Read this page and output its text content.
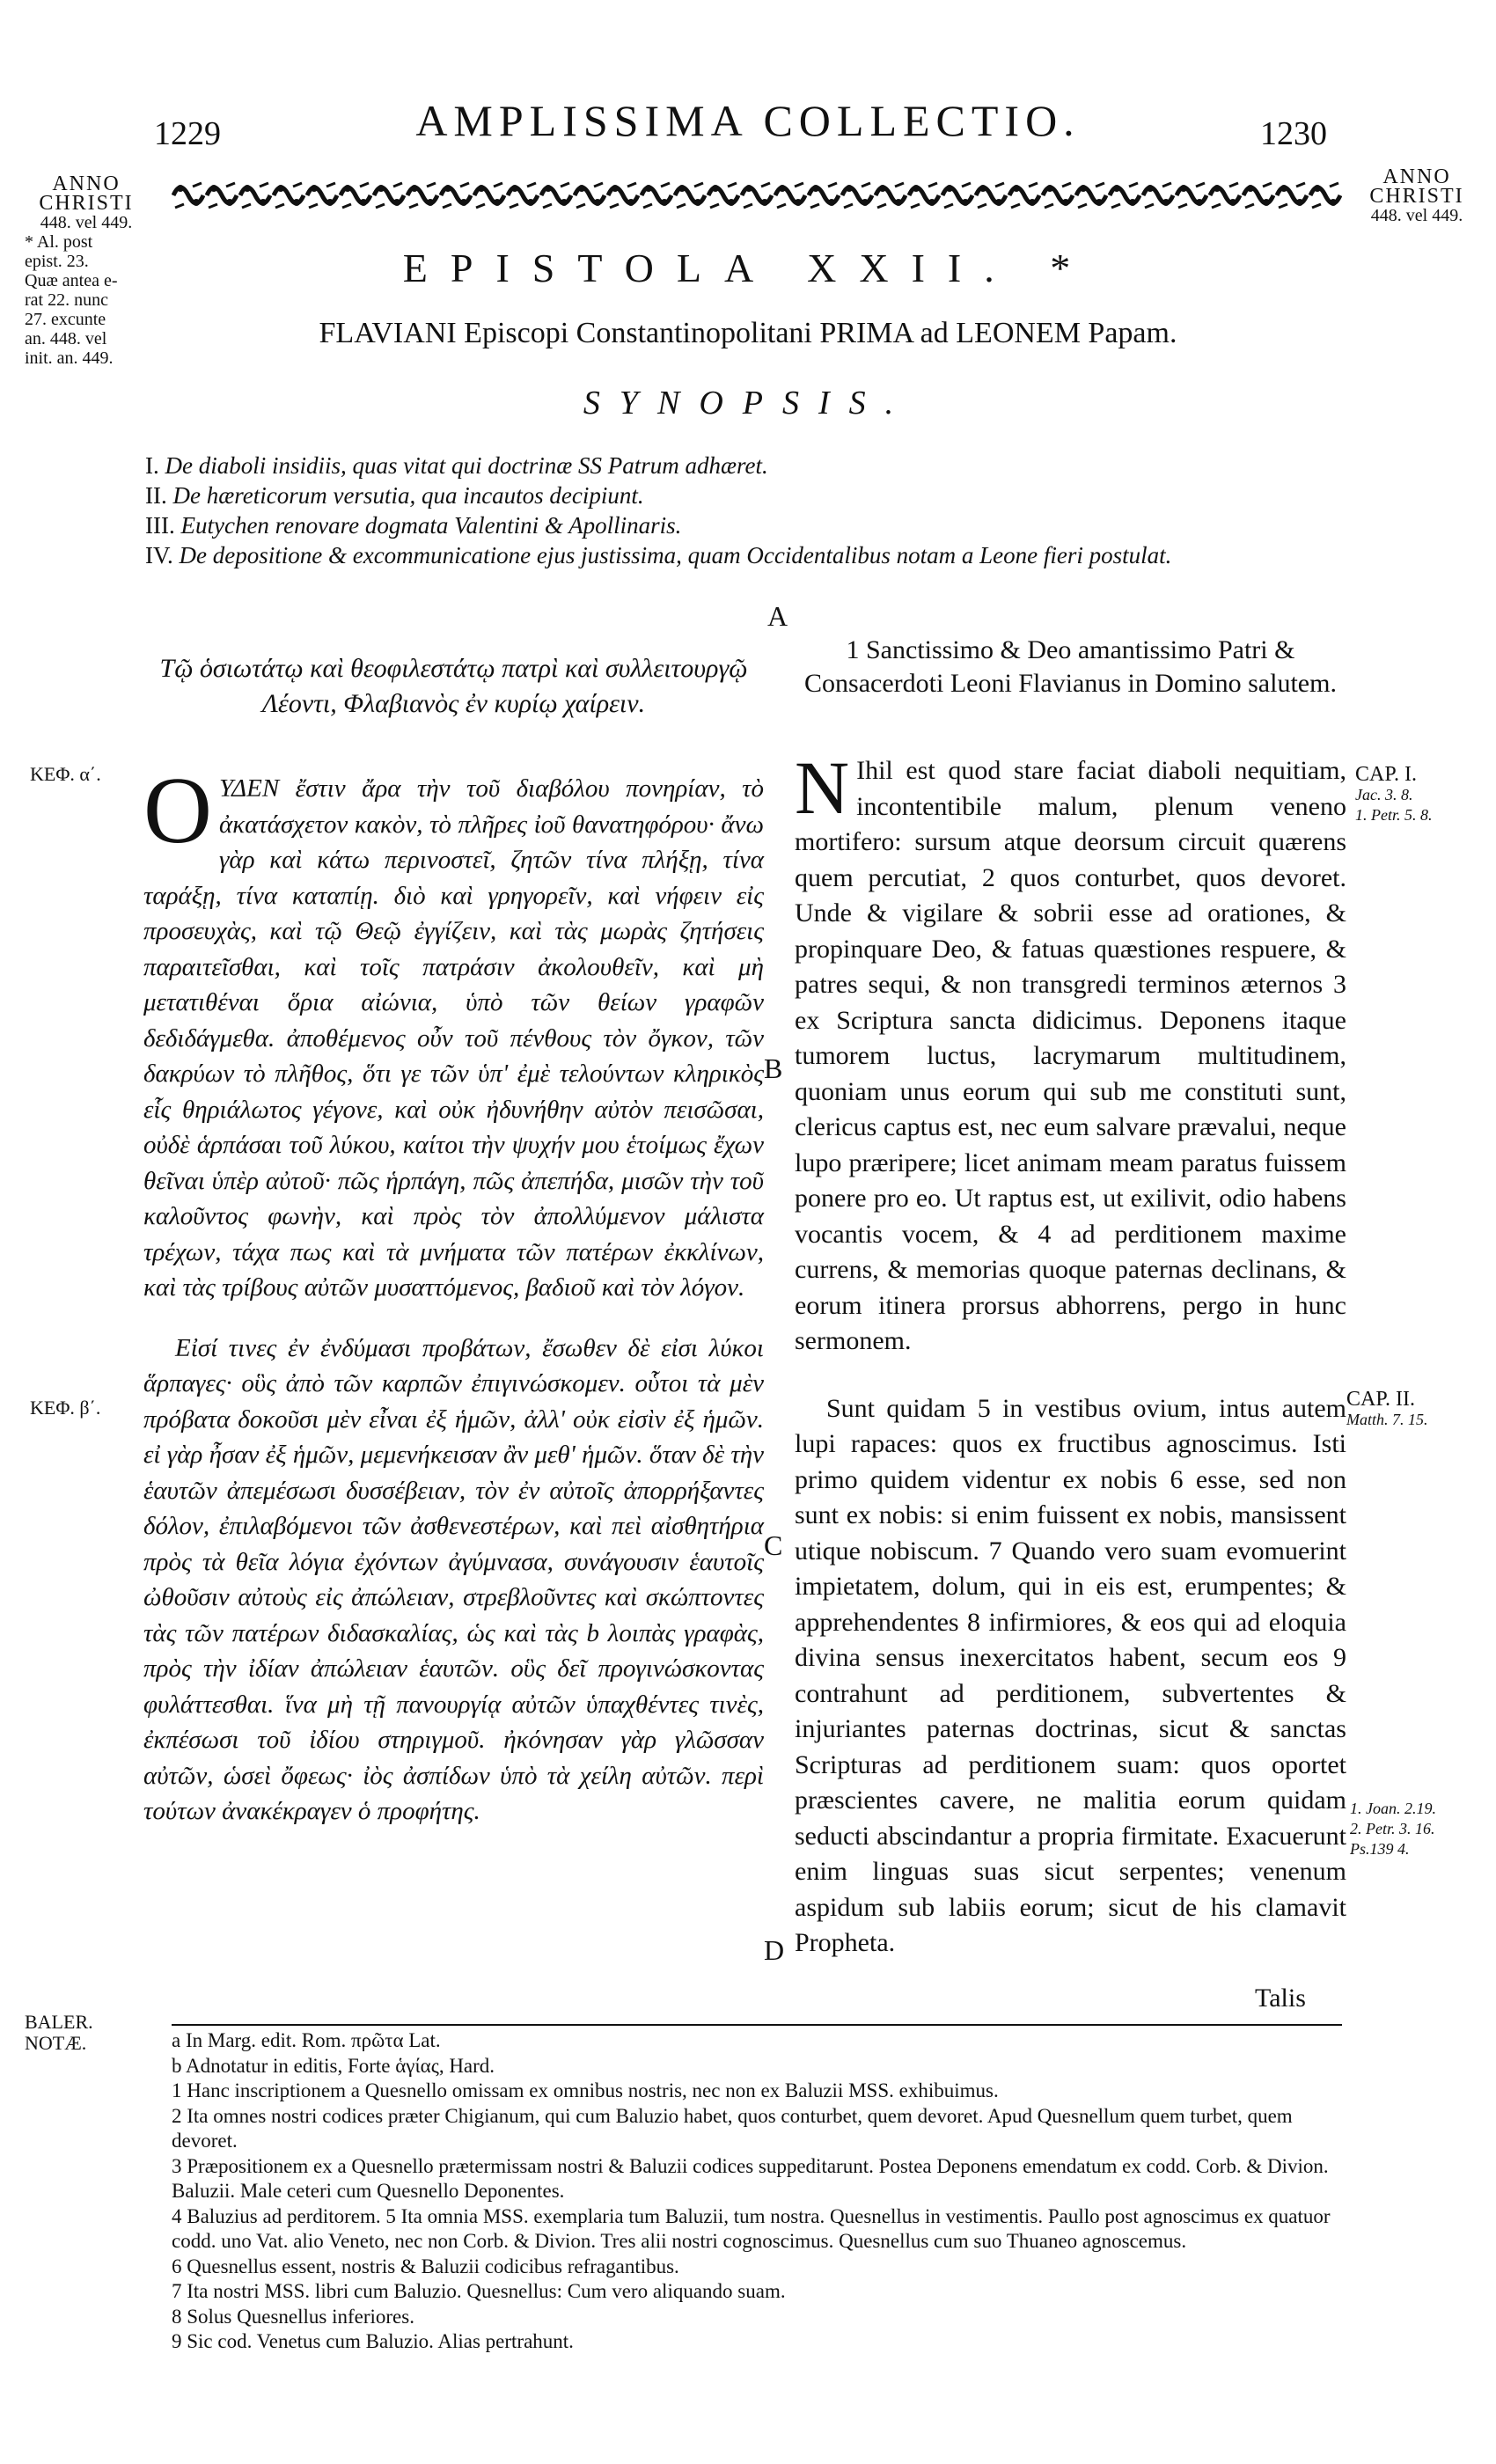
1229	AMPLISSIMA COLLECTIO.	1230
ANNO
CHRISTI
448. vel 449.
* Al. post
epist. 23.
Quæ antea e-
rat 22. nunc
27. excunte
an. 448. vel
init. an. 449.
ANNO
CHRISTI
448. vel 449.
EPISTOLA XXII. *
FLAVIANI Episcopi Constantinopolitani PRIMA ad LEONEM Papam.
SYNOPSIS.
I. De diaboli insidiis, quas vitat qui doctrinæ SS Patrum adhæret.
II. De hæreticorum versutia, qua incautos decipiunt.
III. Eutychen renovare dogmata Valentini & Apollinaris.
IV. De depositione & excommunicatione ejus justissima, quam Occidentalibus notam a Leone fieri postulat.
A
B
C
D
Τῷ ὁσιωτάτῳ καὶ θεοφιλεστάτῳ πατρὶ καὶ συλλειτουργῷ Λέοντι, Φλαβιανὸς ἐν κυρίῳ χαίρειν.
1 Sanctissimo & Deo amantissimo Patri & Consacerdoti Leoni Flavianus in Domino salutem.
ΚΕΦ. α΄.
ΚΕΦ. β΄.
CAP. I.
Jac. 3. 8.
1. Petr. 5. 8.
CAP. II.
Matth. 7. 15.
1. Joan. 2.19.
2. Petr. 3. 16.
Ps.139 4.

ΟΥΔΕΝ ἔστιν ἄρα τὴν τοῦ διαβόλου πονηρίαν, τὸ ἀκατάσχετον κακὸν, τὸ πλῆρες ἰοῦ θανατηφόρου· ἄνω γὰρ καὶ κάτω περινοστεῖ, ζητῶν τίνα πλήξῃ, τίνα ταράξῃ, τίνα καταπίῃ. διὸ καὶ γρηγορεῖν, καὶ νήφειν εἰς προσευχὰς, καὶ τῷ Θεῷ ἐγγίζειν, καὶ τὰς μωρὰς ζητήσεις παραιτεῖσθαι, καὶ τοῖς πατράσιν ἀκολουθεῖν, καὶ μὴ μετατιθέναι ὅρια αἰώνια, ὑπὸ τῶν θείων γραφῶν δεδιδάγμεθα. ἀποθέμενος οὖν τοῦ πένθους τὸν ὄγκον, τῶν δακρύων τὸ πλῆθος, ὅτι γε τῶν ὑπ' ἐμὲ τελούντων κληρικὸς εἷς θηριάλωτος γέγονε, καὶ οὐκ ἠδυνήθην αὐτὸν πεισῶσαι, οὐδὲ ἁρπάσαι τοῦ λύκου, καίτοι τὴν ψυχήν μου ἑτοίμως ἔχων θεῖναι ὑπὲρ αὐτοῦ· πῶς ἡρπάγη, πῶς ἀπεπήδα, μισῶν τὴν τοῦ καλοῦντος φωνὴν, καὶ πρὸς τὸν ἀπολλύμενον μάλιστα τρέχων, τάχα πως καὶ τὰ μνήματα τῶν πατέρων ἐκκλίνων, καὶ τὰς τρίβους αὐτῶν μυσαττόμενος, βαδιοῦ καὶ τὸν λόγον.

Εἰσί τινες ἐν ἐνδύμασι προβάτων, ἔσωθεν δὲ εἰσι λύκοι ἅρπαγες· οὓς ἀπὸ τῶν καρπῶν ἐπιγινώσκομεν. οὗτοι τὰ μὲν πρόβατα δοκοῦσι μὲν εἶναι ἐξ ἡμῶν, ἀλλ' οὐκ εἰσὶν ἐξ ἡμῶν. εἰ γὰρ ἦσαν ἐξ ἡμῶν, μεμενήκεισαν ἂν μεθ' ἡμῶν. ὅταν δὲ τὴν ἑαυτῶν ἀπεμέσωσι δυσσέβειαν, τὸν ἐν αὐτοῖς ἀπορρήξαντες δόλον, ἐπιλαβόμενοι τῶν ἀσθενεστέρων, καὶ πεὶ αἰσθητήρια πρὸς τὰ θεῖα λόγια ἐχόντων ἀγύμνασα, συνάγουσιν ἑαυτοῖς ὠθοῦσιν αὐτοὺς εἰς ἀπώλειαν, στρεβλοῦντες καὶ σκώπτοντες τὰς τῶν πατέρων διδασκαλίας, ὡς καὶ τὰς b λοιπὰς γραφὰς, πρὸς τὴν ἰδίαν ἀπώλειαν ἑαυτῶν. οὓς δεῖ προγινώσκοντας φυλάττεσθαι. ἵνα μὴ τῇ πανουργίᾳ αὐτῶν ὑπαχθέντες τινὲς, ἐκπέσωσι τοῦ ἰδίου στηριγμοῦ. ἠκόνησαν γὰρ γλῶσσαν αὐτῶν, ὡσεὶ ὄφεως· ἰὸς ἀσπίδων ὑπὸ τὰ χείλη αὐτῶν. περὶ τούτων ἀνακέκραγεν ὁ προφήτης.

N Ihil est quod stare faciat diaboli nequitiam, incontentibile malum, plenum veneno mortifero: sursum atque deorsum circuit quærens quem percutiat, 2 quos conturbet, quos devoret. Unde & vigilare & sobrii esse ad orationes, & propinquare Deo, & fatuas quæstiones respuere, & patres sequi, & non transgredi terminos æternos 3 ex Scriptura sancta didicimus. Deponens itaque tumorem luctus, lacrymarum multitudinem, quoniam unus eorum qui sub me constituti sunt, clericus captus est, nec eum salvare prævalui, neque lupo præripere; licet animam meam paratus fuissem ponere pro eo. Ut raptus est, ut exilivit, odio habens vocantis vocem, & 4 ad perditionem maxime currens, & memorias quoque paternas declinans, & eorum itinera prorsus abhorrens, pergo in hunc sermonem.

Sunt quidam 5 in vestibus ovium, intus autem lupi rapaces: quos ex fructibus agnoscimus. Isti primo quidem videntur ex nobis 6 esse, sed non sunt ex nobis: si enim fuissent ex nobis, mansissent utique nobiscum. 7 Quando vero suam evomuerint impietatem, dolum, qui in eis est, erumpentes; & apprehendentes 8 infirmiores, & eos qui ad eloquia divina sensus inexercitatos habent, secum eos 9 contrahunt ad perditionem, subvertentes & injuriantes paternas doctrinas, sicut & sanctas Scripturas ad perditionem suam: quos oportet præscientes cavere, ne malitia eorum quidam seducti abscindantur a propria firmitate. Exacuerunt enim linguas suas sicut serpentes; venenum aspidum sub labiis eorum; sicut de his clamavit Propheta.

Talis
BALER.
NOTÆ.	a In Marg. edit. Rom. πρῶτα Lat.

b Adnotatur in editis, Forte ἁγίας, Hard.

1 Hanc inscriptionem a Quesnello omissam ex omnibus nostris, nec non ex Baluzii MSS. exhibuimus.

2 Ita omnes nostri codices præter Chigianum, qui cum Baluzio habet, quos conturbet, quem devoret. Apud Quesnellum quem turbet, quem devoret.

3 Præpositionem ex a Quesnello prætermissam nostri & Baluzii codices suppeditarunt. Postea Deponens emendatum ex codd. Corb. & Divion. Baluzii. Male ceteri cum Quesnello Deponentes.

4 Baluzius ad perditorem. 5 Ita omnia MSS. exemplaria tum Baluzii, tum nostra. Quesnellus in vestimentis. Paullo post agnoscimus ex quatuor codd. uno Vat. alio Veneto, nec non Corb. & Divion. Tres alii nostri cognoscimus. Quesnellus cum suo Thuaneo agnoscemus.

6 Quesnellus essent, nostris & Baluzii codicibus refragantibus.

7 Ita nostri MSS. libri cum Baluzio. Quesnellus: Cum vero aliquando suam.

8 Solus Quesnellus inferiores.

9 Sic cod. Venetus cum Baluzio. Alias pertrahunt.
